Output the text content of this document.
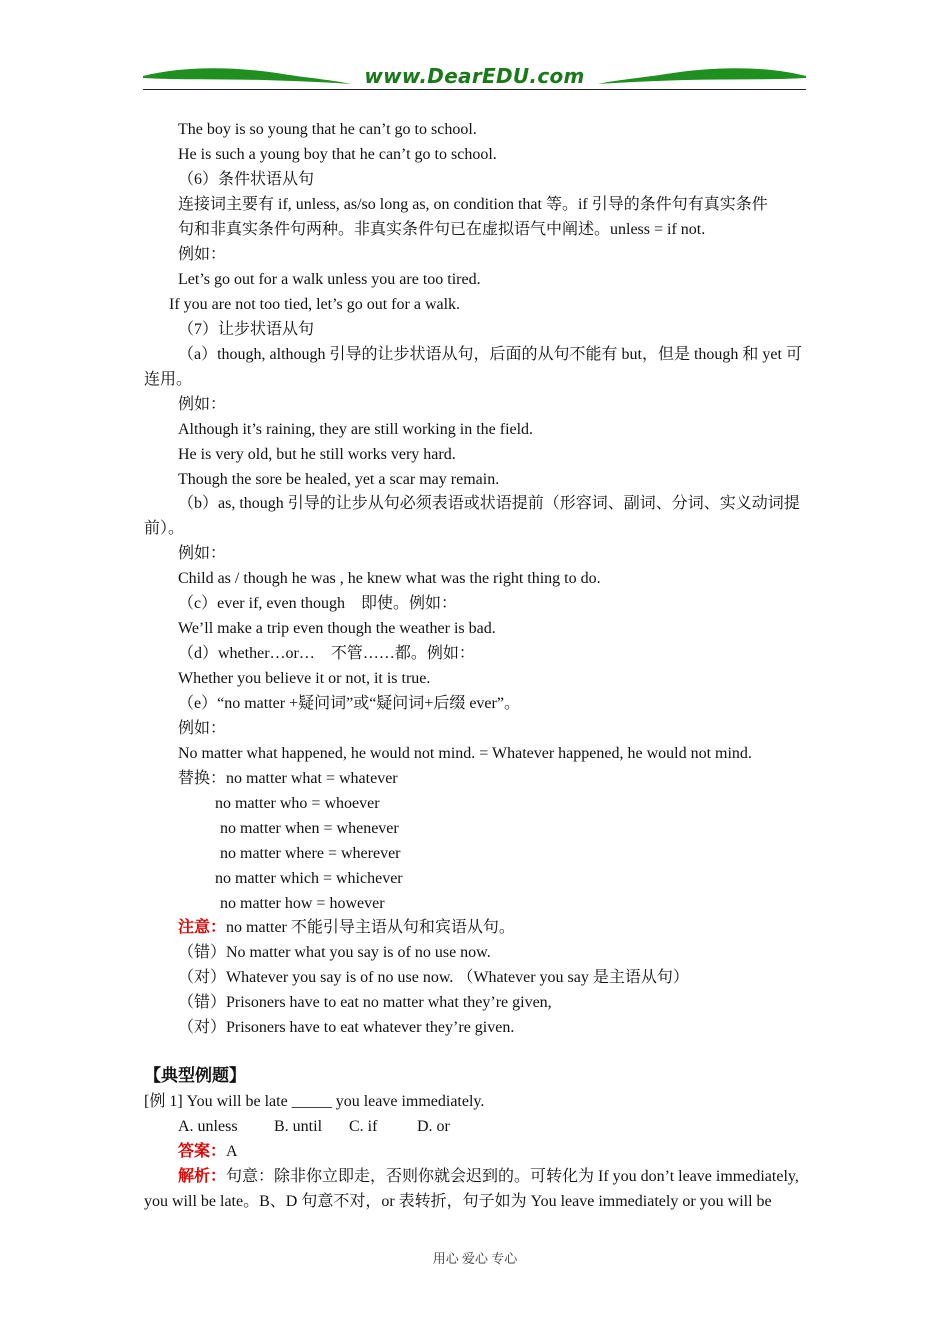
www.DearEDU.com
The boy is so young that he can’t go to school.
He is such a young boy that he can’t go to school.
（6）条件状语从句
连接词主要有 if, unless, as/so long as, on condition that 等。if 引导的条件句有真实条件
句和非真实条件句两种。非真实条件句已在虚拟语气中阐述。unless = if not.
例如：
Let’s go out for a walk unless you are too tired.
If you are not too tied, let’s go out for a walk.
（7）让步状语从句
（a）though, although 引导的让步状语从句，后面的从句不能有 but，但是 though 和 yet 可
连用。
例如：
Although it’s raining, they are still working in the field.
He is very old, but he still works very hard.
Though the sore be healed, yet a scar may remain.
（b）as, though 引导的让步从句必须表语或状语提前（形容词、副词、分词、实义动词提
前）。
例如：
Child as / though he was , he knew what was the right thing to do.
（c）ever if, even though　即使。例如：
We’ll make a trip even though the weather is bad.
（d）whether…or…　不管……都。例如：
Whether you believe it or not, it is true.
（e）“no matter +疑问词”或“疑问词+后缀 ever”。
例如：
No matter what happened, he would not mind. = Whatever happened, he would not mind.
替换：no matter what = whatever
no matter who = whoever
no matter when = whenever
no matter where = wherever
no matter which = whichever
no matter how = however
注意：no matter 不能引导主语从句和宾语从句。
（错）No matter what you say is of no use now.
（对）Whatever you say is of no use now. （Whatever you say 是主语从句）
（错）Prisoners have to eat no matter what they’re given,
（对）Prisoners have to eat whatever they’re given.
【典型例题】
[例 1] You will be late _____ you leave immediately.
A. unless B. until C. if D. or
答案：A
解析：句意：除非你立即走，否则你就会迟到的。可转化为 If you don’t leave immediately,
you will be late。B、D 句意不对，or 表转折，句子如为 You leave immediately or you will be
用心 爱心 专心
